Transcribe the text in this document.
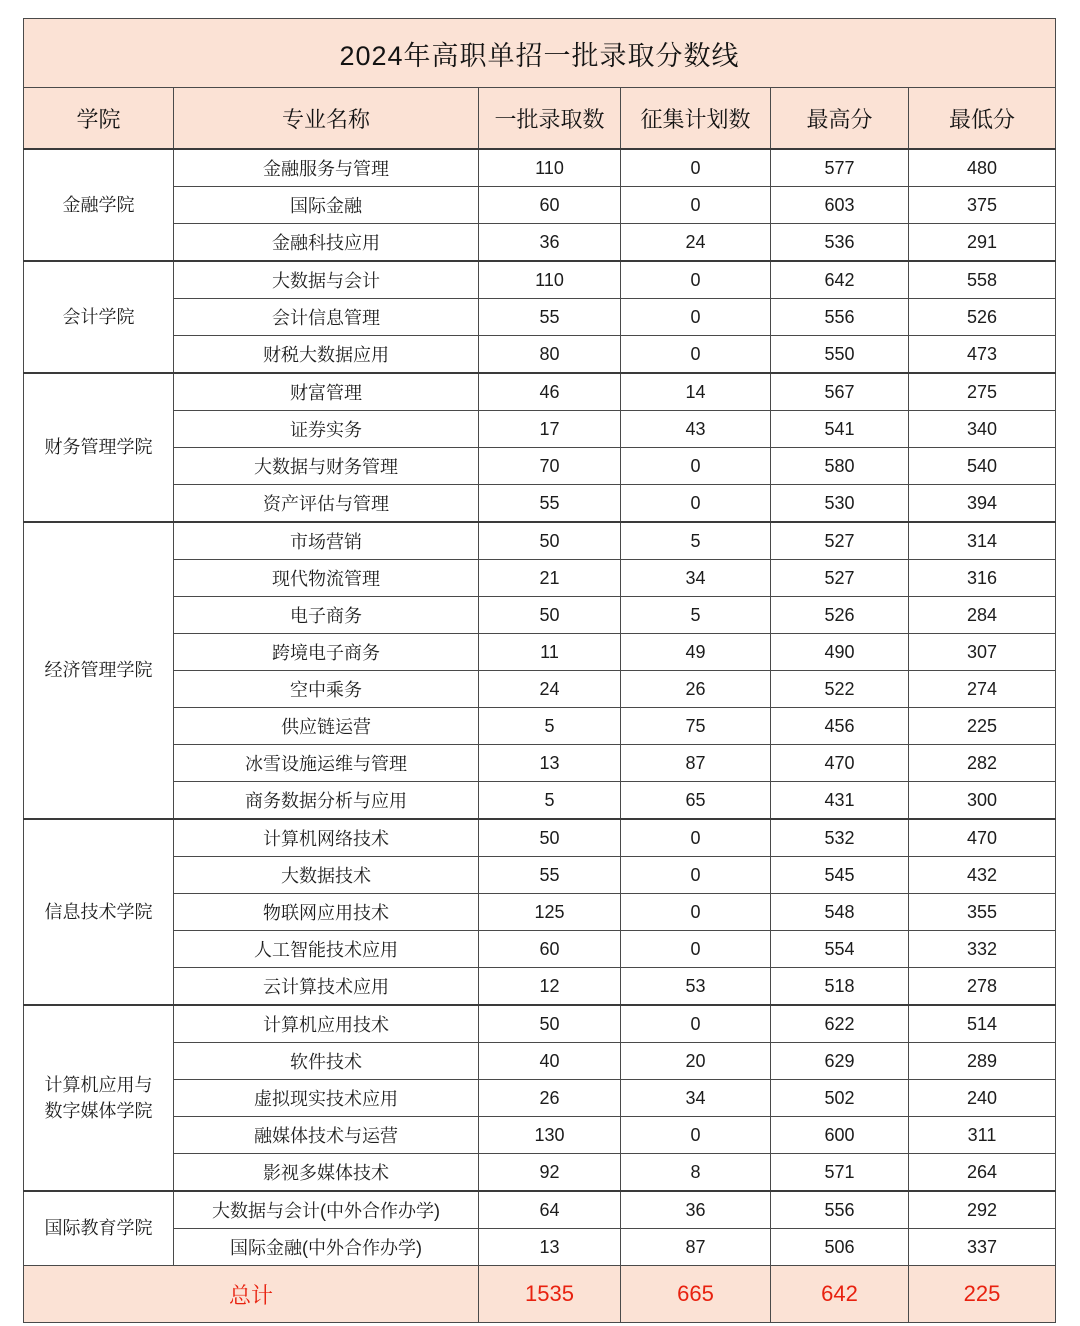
2024年高职单招一批录取分数线					
学院	专业名称	一批录取数	征集计划数	最高分	最低分
金融学院	金融服务与管理	110	0	577	480
	国际金融	60	0	603	375
	金融科技应用	36	24	536	291
会计学院	大数据与会计	110	0	642	558
	会计信息管理	55	0	556	526
	财税大数据应用	80	0	550	473
财务管理学院	财富管理	46	14	567	275
	证券实务	17	43	541	340
	大数据与财务管理	70	0	580	540
	资产评估与管理	55	0	530	394
经济管理学院	市场营销	50	5	527	314
	现代物流管理	21	34	527	316
	电子商务	50	5	526	284
	跨境电子商务	11	49	490	307
	空中乘务	24	26	522	274
	供应链运营	5	75	456	225
	冰雪设施运维与管理	13	87	470	282
	商务数据分析与应用	5	65	431	300
信息技术学院	计算机网络技术	50	0	532	470
	大数据技术	55	0	545	432
	物联网应用技术	125	0	548	355
	人工智能技术应用	60	0	554	332
	云计算技术应用	12	53	518	278
计算机应用与
数字媒体学院	计算机应用技术	50	0	622	514
	软件技术	40	20	629	289
	虚拟现实技术应用	26	34	502	240
	融媒体技术与运营	130	0	600	311
	影视多媒体技术	92	8	571	264
国际教育学院	大数据与会计(中外合作办学)	64	36	556	292
	国际金融(中外合作办学)	13	87	506	337
总计		1535	665	642	225
